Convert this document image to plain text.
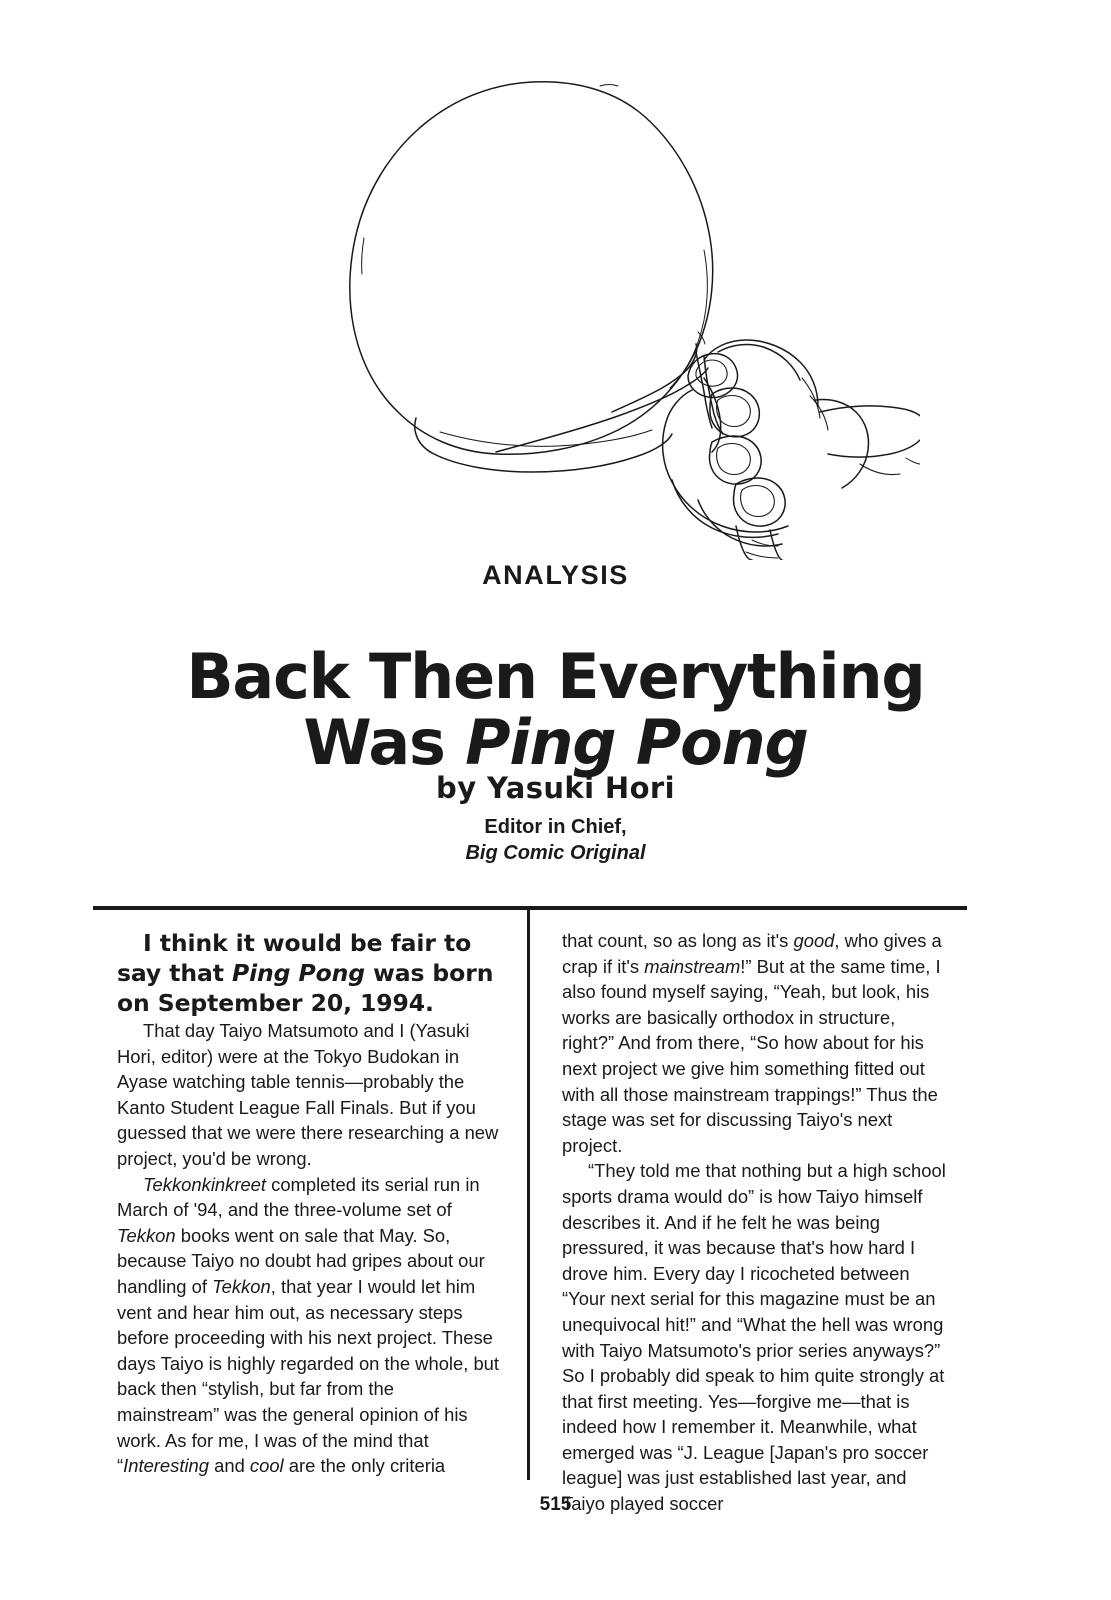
ANALYSIS
Back Then Everything
Was Ping Pong
by Yasuki Hori
Editor in Chief,
Big Comic Original

I think it would be fair to say that Ping Pong was born on September 20, 1994.

That day Taiyo Matsumoto and I (Yasuki Hori, editor) were at the Tokyo Budokan in Ayase watching table tennis—probably the Kanto Student League Fall Finals. But if you guessed that we were there researching a new project, you'd be wrong.

Tekkonkinkreet completed its serial run in March of '94, and the three-volume set of Tekkon books went on sale that May. So, because Taiyo no doubt had gripes about our handling of Tekkon, that year I would let him vent and hear him out, as necessary steps before proceeding with his next project. These days Taiyo is highly regarded on the whole, but back then “stylish, but far from the mainstream” was the general opinion of his work. As for me, I was of the mind that “Interesting and cool are the only criteria

that count, so as long as it's good, who gives a crap if it's mainstream!” But at the same time, I also found myself saying, “Yeah, but look, his works are basically orthodox in structure, right?” And from there, “So how about for his next project we give him something fitted out with all those mainstream trappings!” Thus the stage was set for discussing Taiyo's next project.

“They told me that nothing but a high school sports drama would do” is how Taiyo himself describes it. And if he felt he was being pressured, it was because that's how hard I drove him. Every day I ricocheted between “Your next serial for this magazine must be an unequivocal hit!” and “What the hell was wrong with Taiyo Matsumoto's prior series anyways?” So I probably did speak to him quite strongly at that first meeting. Yes—forgive me—that is indeed how I remember it. Meanwhile, what emerged was “J. League [Japan's pro soccer league] was just established last year, and Taiyo played soccer

515
